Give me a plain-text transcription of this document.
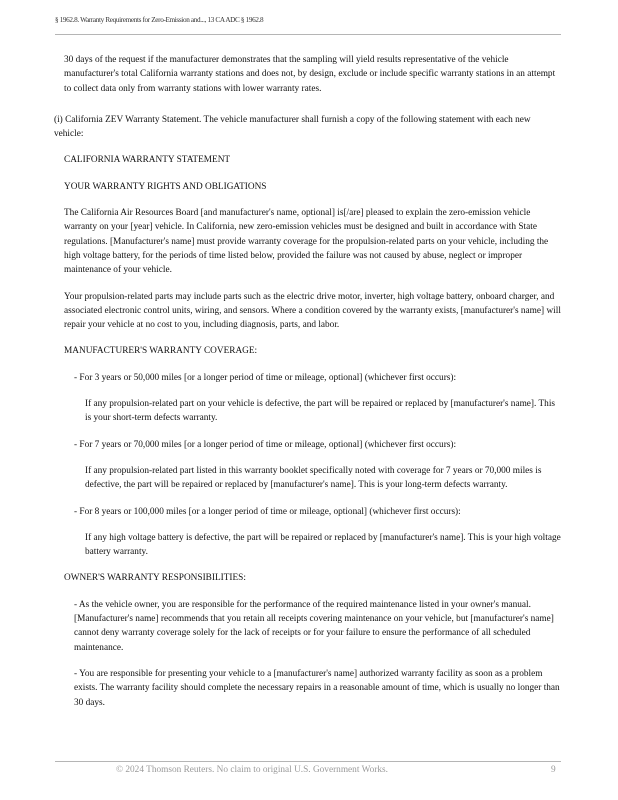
§ 1962.8. Warranty Requirements for Zero-Emission and..., 13 CA ADC § 1962.8

30 days of the request if the manufacturer demonstrates that the sampling will yield results representative of the vehicle manufacturer's total California warranty stations and does not, by design, exclude or include specific warranty stations in an attempt to collect data only from warranty stations with lower warranty rates.

(i) California ZEV Warranty Statement. The vehicle manufacturer shall furnish a copy of the following statement with each new vehicle:

CALIFORNIA WARRANTY STATEMENT

YOUR WARRANTY RIGHTS AND OBLIGATIONS

The California Air Resources Board [and manufacturer's name, optional] is[/are] pleased to explain the zero-emission vehicle warranty on your [year] vehicle. In California, new zero-emission vehicles must be designed and built in accordance with State regulations. [Manufacturer's name] must provide warranty coverage for the propulsion-related parts on your vehicle, including the high voltage battery, for the periods of time listed below, provided the failure was not caused by abuse, neglect or improper maintenance of your vehicle.

Your propulsion-related parts may include parts such as the electric drive motor, inverter, high voltage battery, onboard charger, and associated electronic control units, wiring, and sensors. Where a condition covered by the warranty exists, [manufacturer's name] will repair your vehicle at no cost to you, including diagnosis, parts, and labor.

MANUFACTURER'S WARRANTY COVERAGE:

- For 3 years or 50,000 miles [or a longer period of time or mileage, optional] (whichever first occurs):

If any propulsion-related part on your vehicle is defective, the part will be repaired or replaced by [manufacturer's name]. This is your short-term defects warranty.

- For 7 years or 70,000 miles [or a longer period of time or mileage, optional] (whichever first occurs):

If any propulsion-related part listed in this warranty booklet specifically noted with coverage for 7 years or 70,000 miles is defective, the part will be repaired or replaced by [manufacturer's name]. This is your long-term defects warranty.

- For 8 years or 100,000 miles [or a longer period of time or mileage, optional] (whichever first occurs):

If any high voltage battery is defective, the part will be repaired or replaced by [manufacturer's name]. This is your high voltage battery warranty.

OWNER'S WARRANTY RESPONSIBILITIES:

- As the vehicle owner, you are responsible for the performance of the required maintenance listed in your owner's manual. [Manufacturer's name] recommends that you retain all receipts covering maintenance on your vehicle, but [manufacturer's name] cannot deny warranty coverage solely for the lack of receipts or for your failure to ensure the performance of all scheduled maintenance.

- You are responsible for presenting your vehicle to a [manufacturer's name] authorized warranty facility as soon as a problem exists. The warranty facility should complete the necessary repairs in a reasonable amount of time, which is usually no longer than 30 days.

© 2024 Thomson Reuters. No claim to original U.S. Government Works.	9
